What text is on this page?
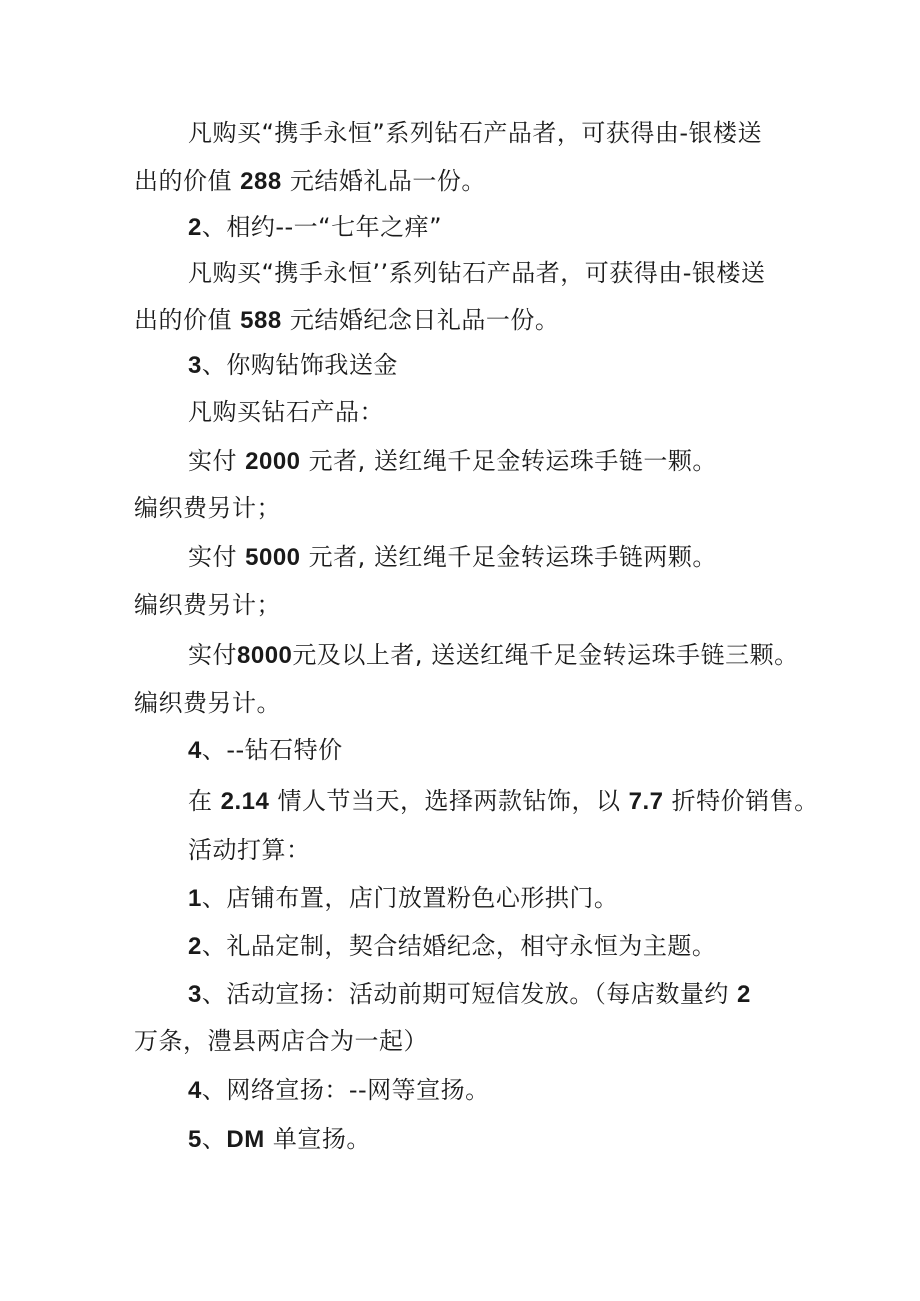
凡购买“携手永恒”系列钻石产品者，可获得由-银楼送
出的价值 288 元结婚礼品一份。
2、相约--一“七年之痒”
凡购买“携手永恒’’系列钻石产品者，可获得由-银楼送
出的价值 588 元结婚纪念日礼品一份。
3、你购钻饰我送金
凡购买钻石产品：
实付 2000 元者, 送红绳千足金转运珠手链一颗。
编织费另计；
实付 5000 元者, 送红绳千足金转运珠手链两颗。
编织费另计；
实付8000元及以上者, 送送红绳千足金转运珠手链三颗。
编织费另计。
4、--钻石特价
在 2.14 情人节当天，选择两款钻饰，以 7.7 折特价销售。
活动打算：
1、店铺布置，店门放置粉色心形拱门。
2、礼品定制，契合结婚纪念，相守永恒为主题。
3、活动宣扬：活动前期可短信发放。（每店数量约 2
万条，澧县两店合为一起）
4、网络宣扬：--网等宣扬。
5、DM 单宣扬。
